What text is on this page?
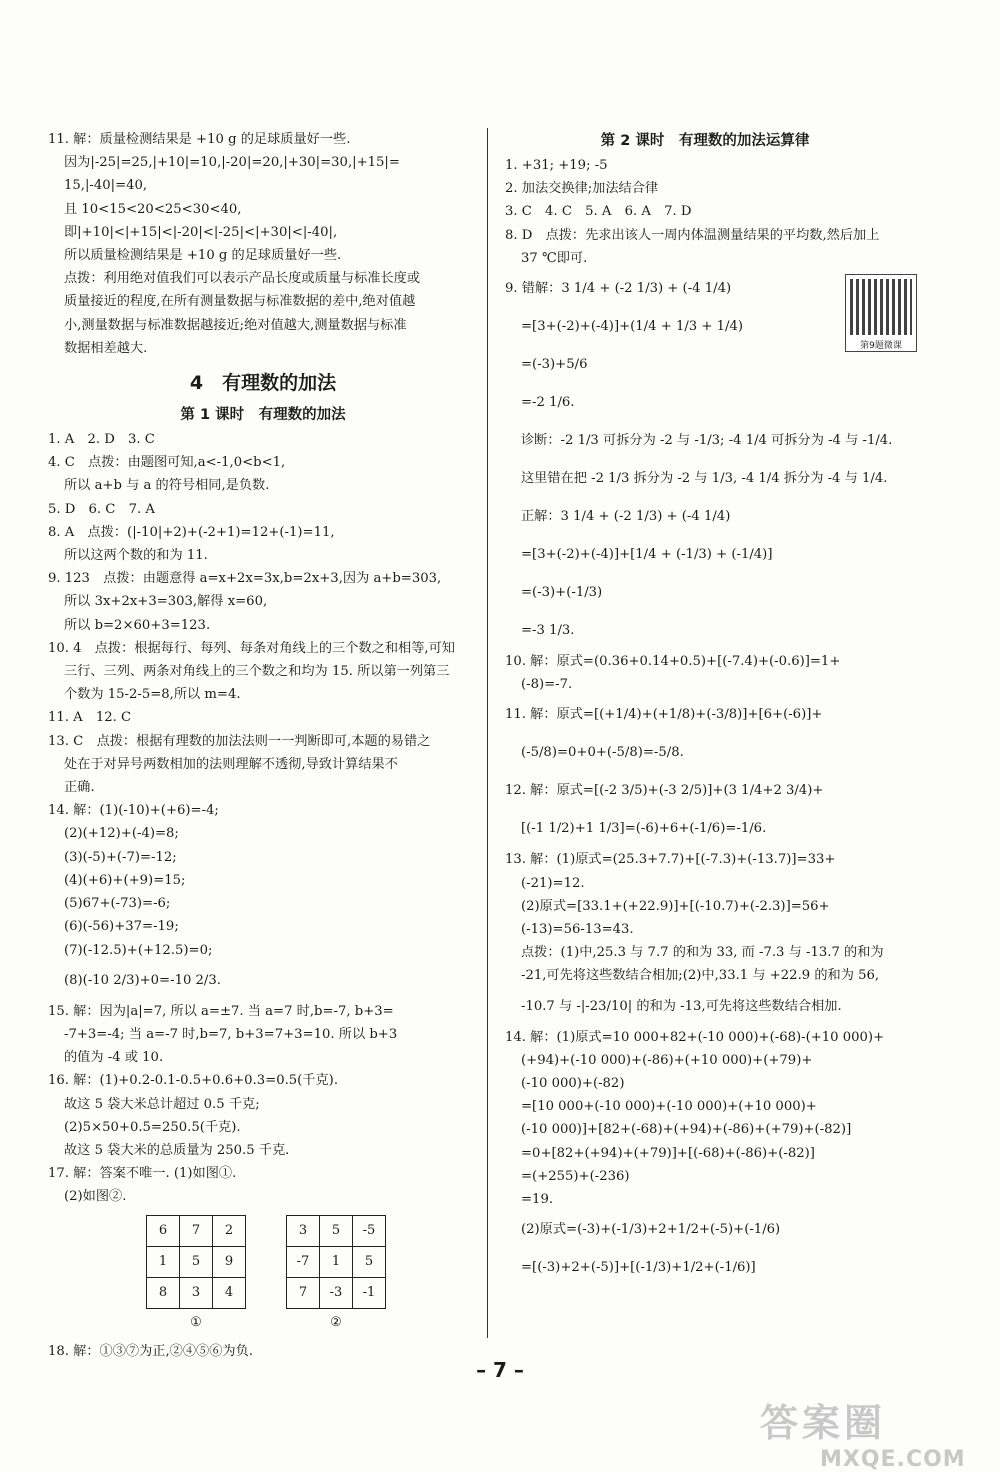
11. 解：质量检测结果是 +10 g 的足球质量好一些.
因为|-25|=25,|+10|=10,|-20|=20,|+30|=30,|+15|=
15,|-40|=40,
且 10<15<20<25<30<40,
即|+10|<|+15|<|-20|<|-25|<|+30|<|-40|,
所以质量检测结果是 +10 g 的足球质量好一些.
点拨：利用绝对值我们可以表示产品长度或质量与标准长度或
质量接近的程度,在所有测量数据与标准数据的差中,绝对值越
小,测量数据与标准数据越接近;绝对值越大,测量数据与标准
数据相差越大.
4　有理数的加法
第 1 课时　有理数的加法
1. A　2. D　3. C
4. C　点拨：由题图可知,a<-1,0<b<1,
所以 a+b 与 a 的符号相同,是负数.
5. D　6. C　7. A
8. A　点拨：(|-10|+2)+(-2+1)=12+(-1)=11,
所以这两个数的和为 11.
9. 123　点拨：由题意得 a=x+2x=3x,b=2x+3,因为 a+b=303,
所以 3x+2x+3=303,解得 x=60,
所以 b=2×60+3=123.
10. 4　点拨：根据每行、每列、每条对角线上的三个数之和相等,可知
三行、三列、两条对角线上的三个数之和均为 15. 所以第一列第三
个数为 15-2-5=8,所以 m=4.
11. A　12. C
13. C　点拨：根据有理数的加法法则一一判断即可,本题的易错之
处在于对异号两数相加的法则理解不透彻,导致计算结果不
正确.
14. 解：(1)(-10)+(+6)=-4;
(2)(+12)+(-4)=8;
(3)(-5)+(-7)=-12;
(4)(+6)+(+9)=15;
(5)67+(-73)=-6;
(6)(-56)+37=-19;
(7)(-12.5)+(+12.5)=0;
(8)(-10 2/3)+0=-10 2/3.
15. 解：因为|a|=7, 所以 a=±7. 当 a=7 时,b=-7, b+3=
-7+3=-4; 当 a=-7 时,b=7, b+3=7+3=10. 所以 b+3
的值为 -4 或 10.
16. 解：(1)+0.2-0.1-0.5+0.6+0.3=0.5(千克).
故这 5 袋大米总计超过 0.5 千克;
(2)5×50+0.5=250.5(千克).
故这 5 袋大米的总质量为 250.5 千克.
17. 解：答案不唯一. (1)如图①.
(2)如图②.
6	7	2
1	5	9
8	3	4
①
3	5	-5
-7	1	5
7	-3	-1
②
18. 解：①③⑦为正,②④⑤⑥为负.
第 2 课时　有理数的加法运算律
1. +31; +19; -5
2. 加法交换律;加法结合律
3. C　4. C　5. A　6. A　7. D
8. D　点拨：先求出该人一周内体温测量结果的平均数,然后加上
37 ℃即可.
9. 错解：3 1/4 + (-2 1/3) + (-4 1/4)
=[3+(-2)+(-4)]+(1/4 + 1/3 + 1/4)
=(-3)+5/6
=-2 1/6.
诊断：-2 1/3 可拆分为 -2 与 -1/3; -4 1/4 可拆分为 -4 与 -1/4.
这里错在把 -2 1/3 拆分为 -2 与 1/3, -4 1/4 拆分为 -4 与 1/4.
正解：3 1/4 + (-2 1/3) + (-4 1/4)
=[3+(-2)+(-4)]+[1/4 + (-1/3) + (-1/4)]
=(-3)+(-1/3)
=-3 1/3.
10. 解：原式=(0.36+0.14+0.5)+[(-7.4)+(-0.6)]=1+
(-8)=-7.
11. 解：原式=[(+1/4)+(+1/8)+(-3/8)]+[6+(-6)]+
(-5/8)=0+0+(-5/8)=-5/8.
12. 解：原式=[(-2 3/5)+(-3 2/5)]+(3 1/4+2 3/4)+
[(-1 1/2)+1 1/3]=(-6)+6+(-1/6)=-1/6.
13. 解：(1)原式=(25.3+7.7)+[(-7.3)+(-13.7)]=33+
(-21)=12.
(2)原式=[33.1+(+22.9)]+[(-10.7)+(-2.3)]=56+
(-13)=56-13=43.
点拨：(1)中,25.3 与 7.7 的和为 33, 而 -7.3 与 -13.7 的和为
-21,可先将这些数结合相加;(2)中,33.1 与 +22.9 的和为 56,
-10.7 与 -|-23/10| 的和为 -13,可先将这些数结合相加.
14. 解：(1)原式=10 000+82+(-10 000)+(-68)-(+10 000)+
(+94)+(-10 000)+(-86)+(+10 000)+(+79)+
(-10 000)+(-82)
=[10 000+(-10 000)+(-10 000)+(+10 000)+
(-10 000)]+[82+(-68)+(+94)+(-86)+(+79)+(-82)]
=0+[82+(+94)+(+79)]+[(-68)+(-86)+(-82)]
=(+255)+(-236)
=19.
(2)原式=(-3)+(-1/3)+2+1/2+(-5)+(-1/6)
=[(-3)+2+(-5)]+[(-1/3)+1/2+(-1/6)]
第9题微课
– 7 –
答案圈
MXQE.COM
